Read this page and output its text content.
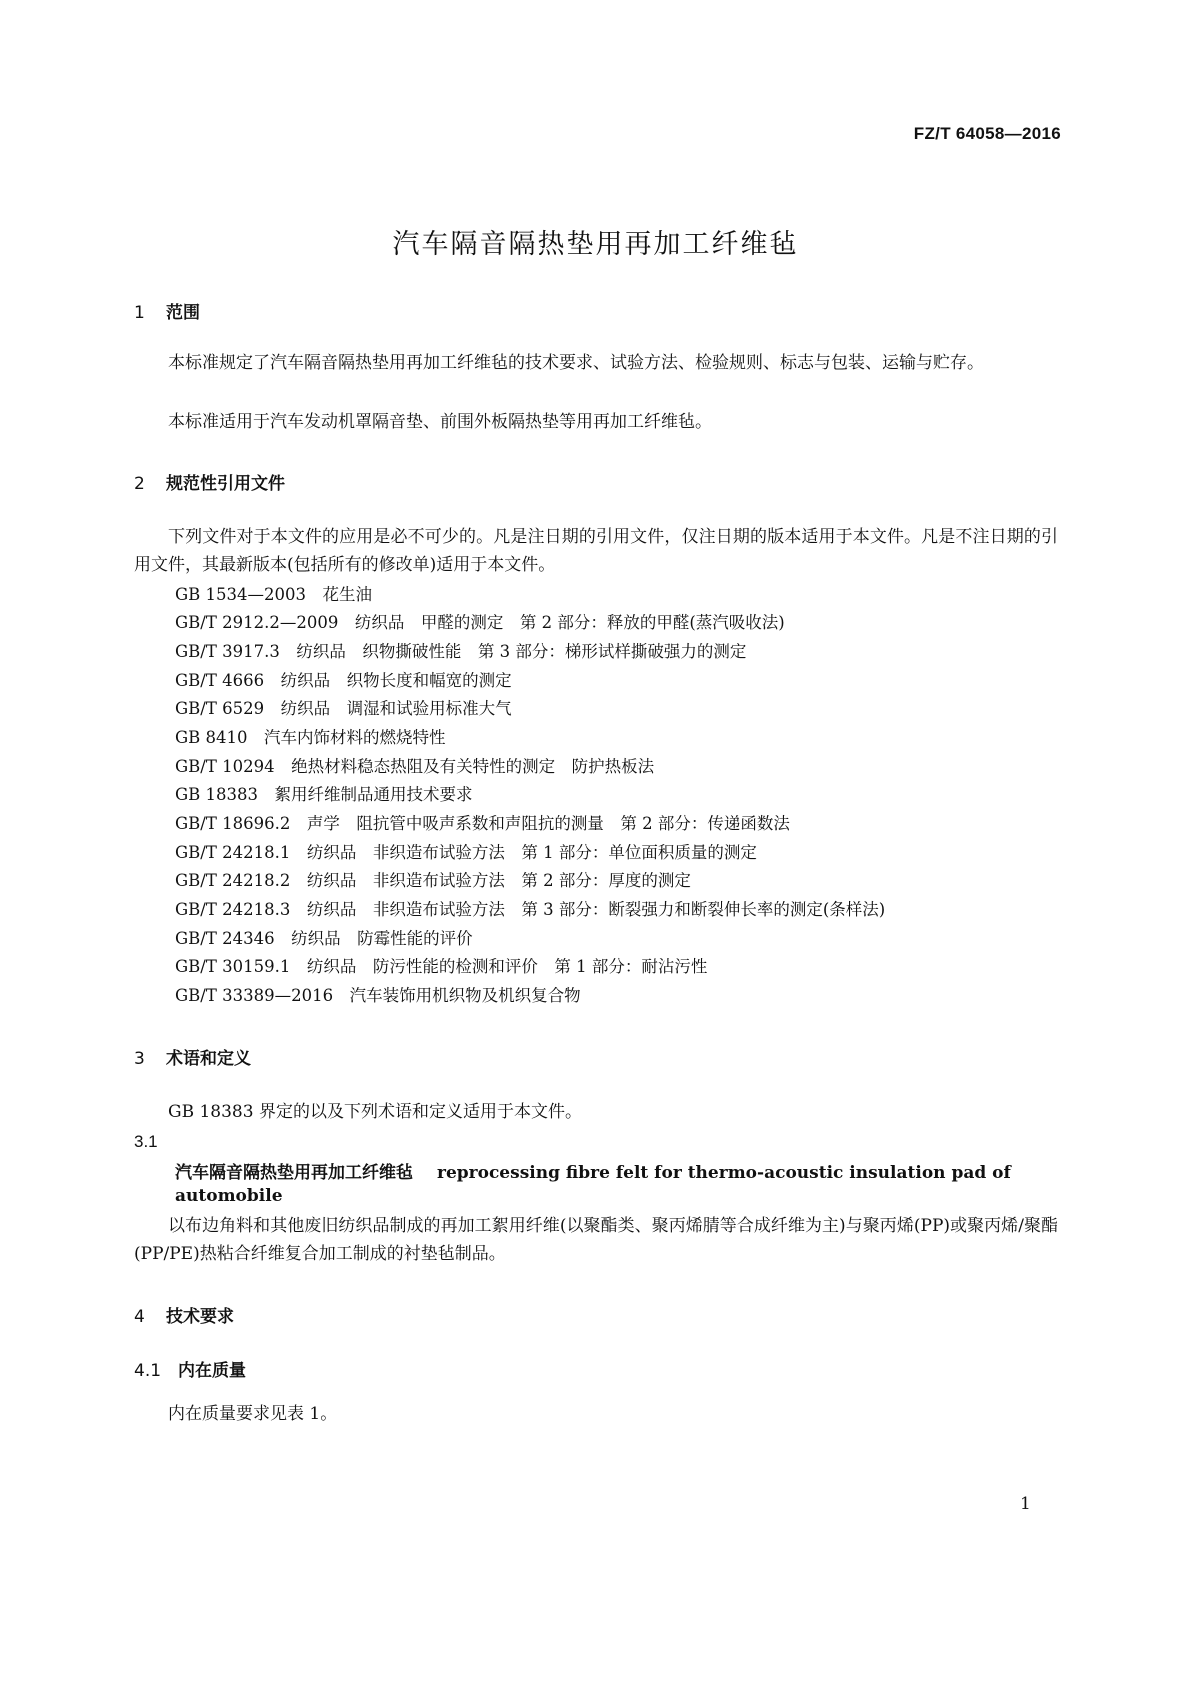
FZ/T 64058—2016
汽车隔音隔热垫用再加工纤维毡
1 范围
本标准规定了汽车隔音隔热垫用再加工纤维毡的技术要求、试验方法、检验规则、标志与包装、运输与贮存。
本标准适用于汽车发动机罩隔音垫、前围外板隔热垫等用再加工纤维毡。
2 规范性引用文件
下列文件对于本文件的应用是必不可少的。凡是注日期的引用文件，仅注日期的版本适用于本文件。凡是不注日期的引用文件，其最新版本(包括所有的修改单)适用于本文件。
GB 1534—2003　花生油
GB/T 2912.2—2009　纺织品　甲醛的测定　第 2 部分：释放的甲醛(蒸汽吸收法)
GB/T 3917.3　纺织品　织物撕破性能　第 3 部分：梯形试样撕破强力的测定
GB/T 4666　纺织品　织物长度和幅宽的测定
GB/T 6529　纺织品　调湿和试验用标准大气
GB 8410　汽车内饰材料的燃烧特性
GB/T 10294　绝热材料稳态热阻及有关特性的测定　防护热板法
GB 18383　絮用纤维制品通用技术要求
GB/T 18696.2　声学　阻抗管中吸声系数和声阻抗的测量　第 2 部分：传递函数法
GB/T 24218.1　纺织品　非织造布试验方法　第 1 部分：单位面积质量的测定
GB/T 24218.2　纺织品　非织造布试验方法　第 2 部分：厚度的测定
GB/T 24218.3　纺织品　非织造布试验方法　第 3 部分：断裂强力和断裂伸长率的测定(条样法)
GB/T 24346　纺织品　防霉性能的评价
GB/T 30159.1　纺织品　防污性能的检测和评价　第 1 部分：耐沾污性
GB/T 33389—2016　汽车装饰用机织物及机织复合物
3 术语和定义
GB 18383 界定的以及下列术语和定义适用于本文件。
3.1
汽车隔音隔热垫用再加工纤维毡 reprocessing fibre felt for thermo-acoustic insulation pad of
automobile
以布边角料和其他废旧纺织品制成的再加工絮用纤维(以聚酯类、聚丙烯腈等合成纤维为主)与聚丙烯(PP)或聚丙烯/聚酯(PP/PE)热粘合纤维复合加工制成的衬垫毡制品。
4 技术要求
4.1 内在质量
内在质量要求见表 1。
1
